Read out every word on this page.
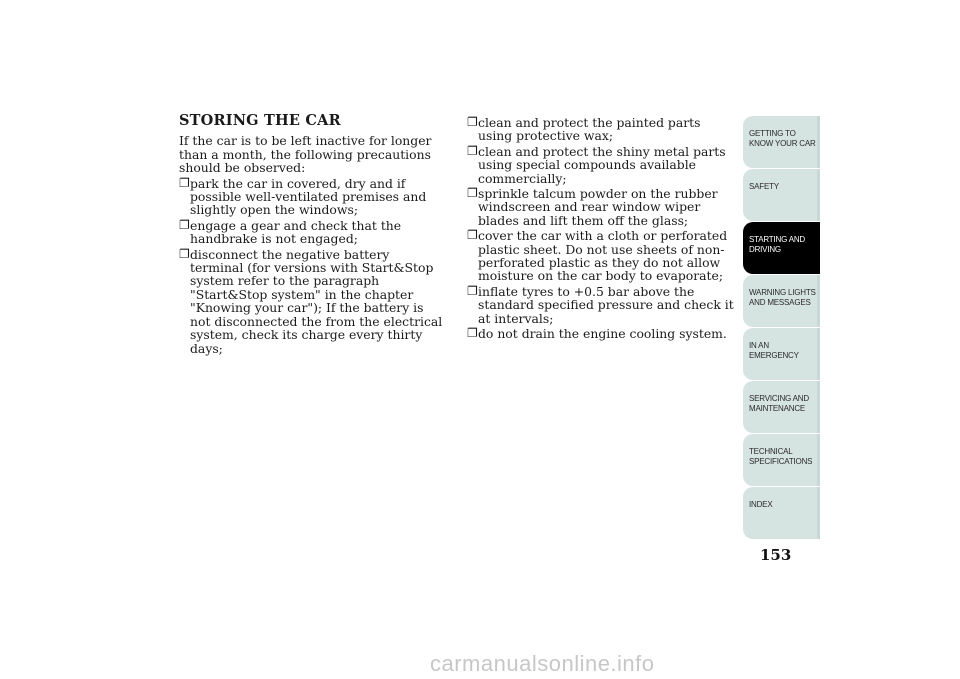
STORING THE CAR
If the car is to be left inactive for longer than a month, the following precautions should be observed:
❐ park the car in covered, dry and if possible well-ventilated premises and slightly open the windows;
❐ engage a gear and check that the handbrake is not engaged;
❐ disconnect the negative battery terminal (for versions with Start&Stop system refer to the paragraph "Start&Stop system" in the chapter "Knowing your car"); If the battery is not disconnected the from the electrical system, check its charge every thirty days;
❐ clean and protect the painted parts using protective wax;
❐ clean and protect the shiny metal parts using special compounds available commercially;
❐ sprinkle talcum powder on the rubber windscreen and rear window wiper blades and lift them off the glass;
❐ cover the car with a cloth or perforated plastic sheet. Do not use sheets of non-perforated plastic as they do not allow moisture on the car body to evaporate;
❐ inflate tyres to +0.5 bar above the standard specified pressure and check it at intervals;
❐ do not drain the engine cooling system.
GETTING TO KNOW YOUR CAR
SAFETY
STARTING AND DRIVING
WARNING LIGHTS AND MESSAGES
IN AN EMERGENCY
SERVICING AND MAINTENANCE
TECHNICAL SPECIFICATIONS
INDEX
153
carmanualsonline.info
